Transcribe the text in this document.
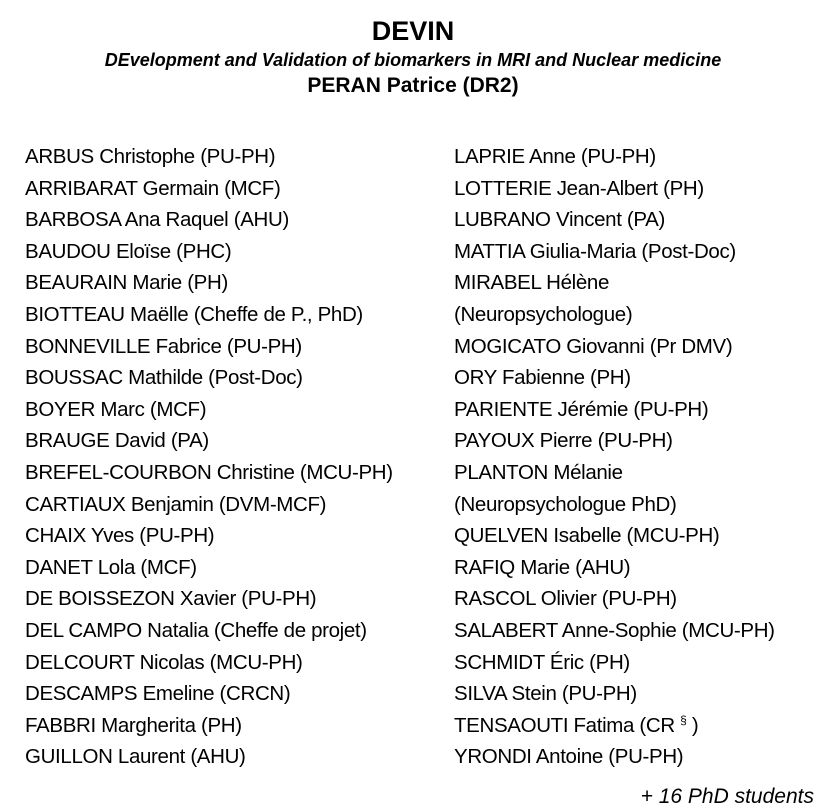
DEVIN

DEvelopment and Validation of biomarkers in MRI and Nuclear medicine

PERAN Patrice (DR2)

ARBUS Christophe (PU-PH)
ARRIBARAT Germain (MCF)
BARBOSA Ana Raquel (AHU)
BAUDOU Eloïse (PHC)
BEAURAIN Marie (PH)
BIOTTEAU Maëlle (Cheffe de P., PhD)
BONNEVILLE Fabrice (PU-PH)
BOUSSAC Mathilde (Post-Doc)
BOYER Marc (MCF)
BRAUGE David (PA)
BREFEL-COURBON Christine (MCU-PH)
CARTIAUX Benjamin (DVM-MCF)
CHAIX Yves (PU-PH)
DANET Lola (MCF)
DE BOISSEZON Xavier (PU-PH)
DEL CAMPO Natalia (Cheffe de projet)
DELCOURT Nicolas (MCU-PH)
DESCAMPS Emeline (CRCN)
FABBRI Margherita (PH)
GUILLON Laurent (AHU)
LAPRIE Anne (PU-PH)
LOTTERIE Jean-Albert (PH)
LUBRANO Vincent (PA)
MATTIA Giulia-Maria (Post-Doc)
MIRABEL Hélène
(Neuropsychologue)
MOGICATO Giovanni (Pr DMV)
ORY Fabienne (PH)
PARIENTE Jérémie (PU-PH)
PAYOUX Pierre (PU-PH)
PLANTON Mélanie
(Neuropsychologue PhD)
QUELVEN Isabelle (MCU-PH)
RAFIQ Marie (AHU)
RASCOL Olivier (PU-PH)
SALABERT Anne-Sophie (MCU-PH)
SCHMIDT Éric (PH)
SILVA Stein (PU-PH)
TENSAOUTI Fatima (CR § )
YRONDI Antoine (PU-PH)
+ 16 PhD students
